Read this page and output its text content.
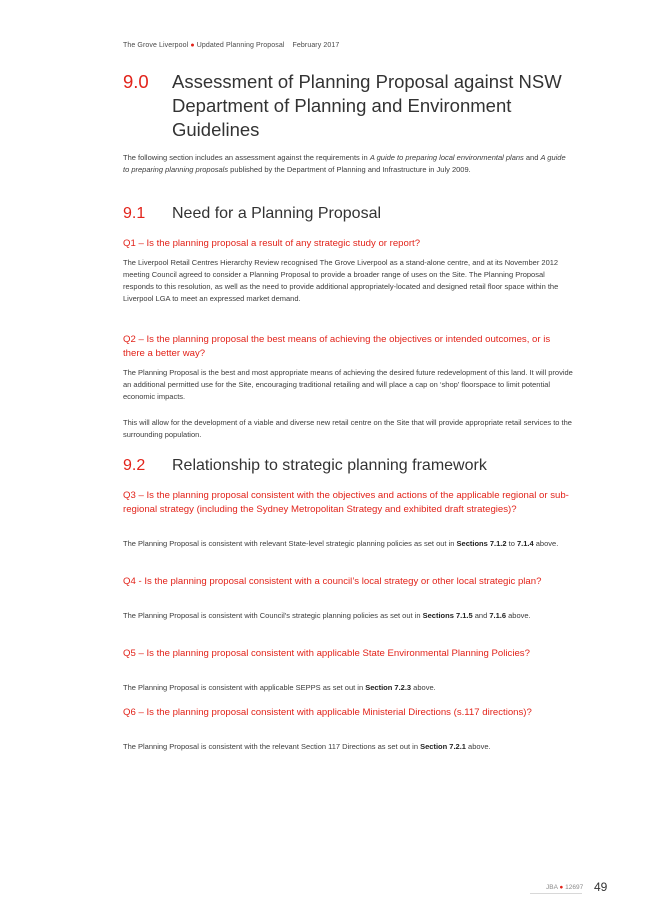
The Grove Liverpool ● Updated Planning Proposal February 2017
9.0 Assessment of Planning Proposal against NSW Department of Planning and Environment Guidelines
The following section includes an assessment against the requirements in A guide to preparing local environmental plans and A guide to preparing planning proposals published by the Department of Planning and Infrastructure in July 2009.
9.1 Need for a Planning Proposal
Q1 – Is the planning proposal a result of any strategic study or report?
The Liverpool Retail Centres Hierarchy Review recognised The Grove Liverpool as a stand-alone centre, and at its November 2012 meeting Council agreed to consider a Planning Proposal to provide a broader range of uses on the Site. The Planning Proposal responds to this resolution, as well as the need to provide additional appropriately-located and designed retail floor space within the Liverpool LGA to meet an expressed market demand.
Q2 – Is the planning proposal the best means of achieving the objectives or intended outcomes, or is there a better way?
The Planning Proposal is the best and most appropriate means of achieving the desired future redevelopment of this land. It will provide an additional permitted use for the Site, encouraging traditional retailing and will place a cap on ‘shop’ floorspace to limit potential economic impacts.
This will allow for the development of a viable and diverse new retail centre on the Site that will provide appropriate retail services to the surrounding population.
9.2 Relationship to strategic planning framework
Q3 – Is the planning proposal consistent with the objectives and actions of the applicable regional or sub-regional strategy (including the Sydney Metropolitan Strategy and exhibited draft strategies)?
The Planning Proposal is consistent with relevant State-level strategic planning policies as set out in Sections 7.1.2 to 7.1.4 above.
Q4 - Is the planning proposal consistent with a council’s local strategy or other local strategic plan?
The Planning Proposal is consistent with Council’s strategic planning policies as set out in Sections 7.1.5 and 7.1.6 above.
Q5 – Is the planning proposal consistent with applicable State Environmental Planning Policies?
The Planning Proposal is consistent with applicable SEPPS as set out in Section 7.2.3 above.
Q6 – Is the planning proposal consistent with applicable Ministerial Directions (s.117 directions)?
The Planning Proposal is consistent with the relevant Section 117 Directions as set out in Section 7.2.1 above.
JBA ● 12697 49
